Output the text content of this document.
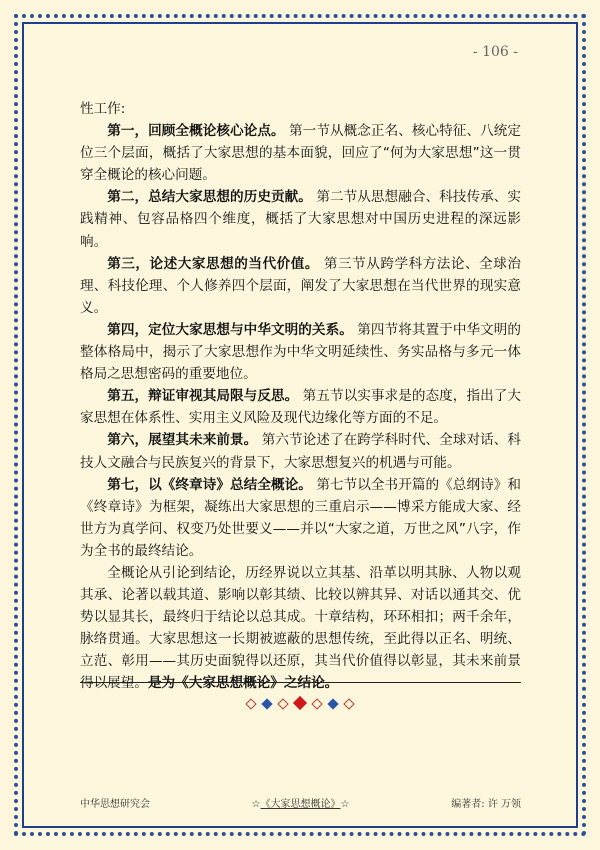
- 106 -

性工作:

第一，回顾全概论核心论点。 第一节从概念正名、核心特征、八统定位三个层面，概括了大家思想的基本面貌，回应了“何为大家思想”这一贯穿全概论的核心问题。

第二，总结大家思想的历史贡献。 第二节从思想融合、科技传承、实践精神、包容品格四个维度，概括了大家思想对中国历史进程的深远影响。

第三，论述大家思想的当代价值。 第三节从跨学科方法论、全球治理、科技伦理、个人修养四个层面，阐发了大家思想在当代世界的现实意义。

第四，定位大家思想与中华文明的关系。 第四节将其置于中华文明的整体格局中，揭示了大家思想作为中华文明延续性、务实品格与多元一体格局之思想密码的重要地位。

第五，辩证审视其局限与反思。 第五节以实事求是的态度，指出了大家思想在体系性、实用主义风险及现代边缘化等方面的不足。

第六，展望其未来前景。 第六节论述了在跨学科时代、全球对话、科技人文融合与民族复兴的背景下，大家思想复兴的机遇与可能。

第七，以《终章诗》总结全概论。 第七节以全书开篇的《总纲诗》和《终章诗》为框架，凝练出大家思想的三重启示——博采方能成大家、经世方为真学问、权变乃处世要义——并以“大家之道，万世之风”八字，作为全书的最终结论。

全概论从引论到结论，历经界说以立其基、沿革以明其脉、人物以观其承、论著以载其道、影响以彰其绩、比较以辨其异、对话以通其交、优势以显其长，最终归于结论以总其成。十章结构，环环相扣；两千余年，脉络贯通。大家思想这一长期被遮蔽的思想传统，至此得以正名、明统、立范、彰用——其历史面貌得以还原，其当代价值得以彰显，其未来前景得以展望。是为《大家思想概论》之结论。

中华思想研究会	☆《大家思想概论》☆	编著者: 许 万领
